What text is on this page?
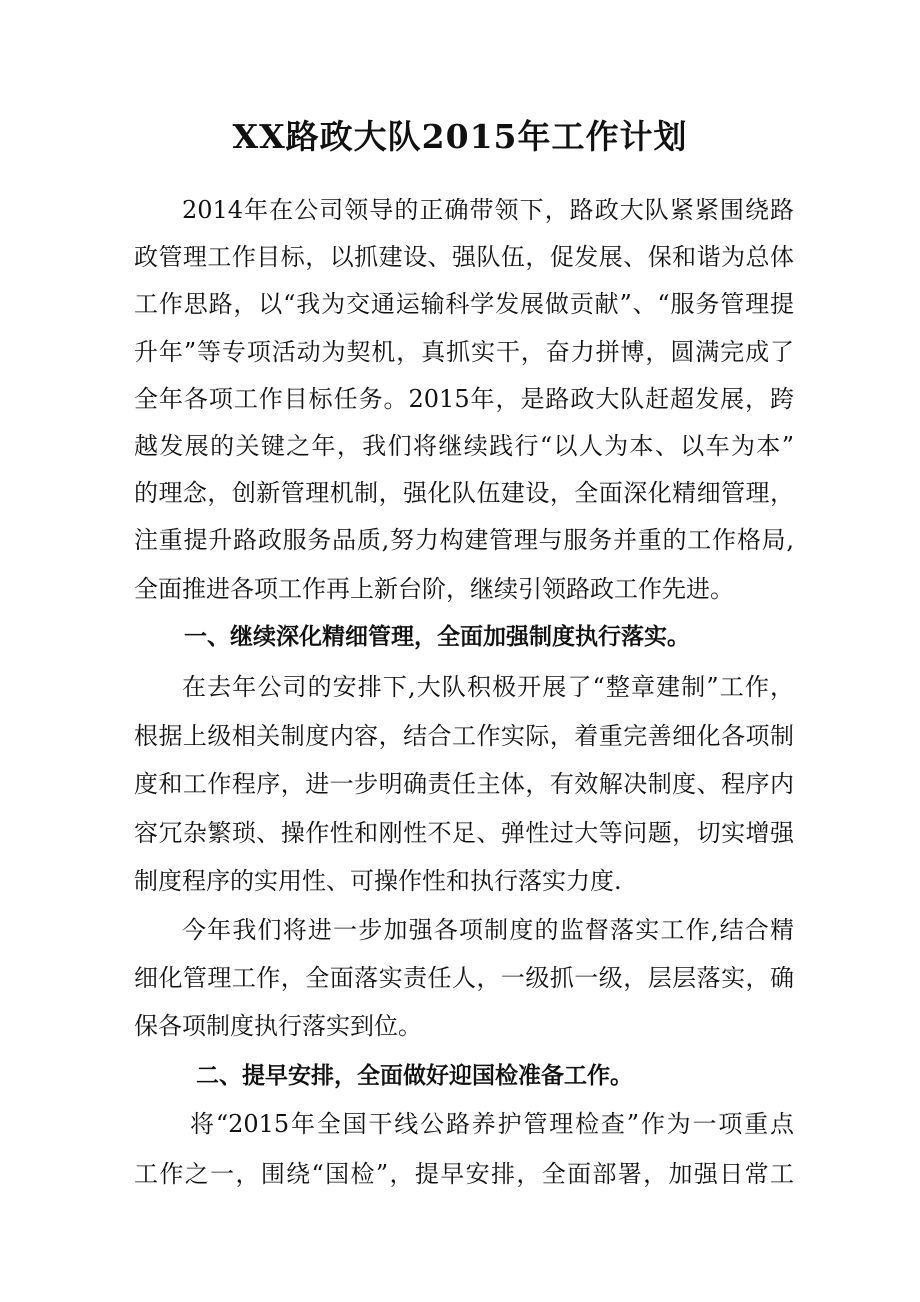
XX路政大队2015年工作计划
2014年在公司领导的正确带领下，路政大队紧紧围绕路
政管理工作目标，以抓建设、强队伍，促发展、保和谐为总体
工作思路，以“我为交通运输科学发展做贡献”、“服务管理提
升年”等专项活动为契机，真抓实干，奋力拼博，圆满完成了
全年各项工作目标任务。2015年，是路政大队赶超发展，跨
越发展的关键之年，我们将继续践行“以人为本、以车为本”
的理念，创新管理机制，强化队伍建设，全面深化精细管理，
注重提升路政服务品质,努力构建管理与服务并重的工作格局,
全面推进各项工作再上新台阶，继续引领路政工作先进。
一、继续深化精细管理，全面加强制度执行落实。
在去年公司的安排下,大队积极开展了“整章建制”工作，
根据上级相关制度内容，结合工作实际，着重完善细化各项制
度和工作程序，进一步明确责任主体，有效解决制度、程序内
容冗杂繁琐、操作性和刚性不足、弹性过大等问题，切实增强
制度程序的实用性、可操作性和执行落实力度.
今年我们将进一步加强各项制度的监督落实工作,结合精
细化管理工作，全面落实责任人，一级抓一级，层层落实，确
保各项制度执行落实到位。
二、提早安排，全面做好迎国检准备工作。
将“2015年全国干线公路养护管理检查”作为一项重点
工作之一，围绕“国检”，提早安排，全面部署，加强日常工
